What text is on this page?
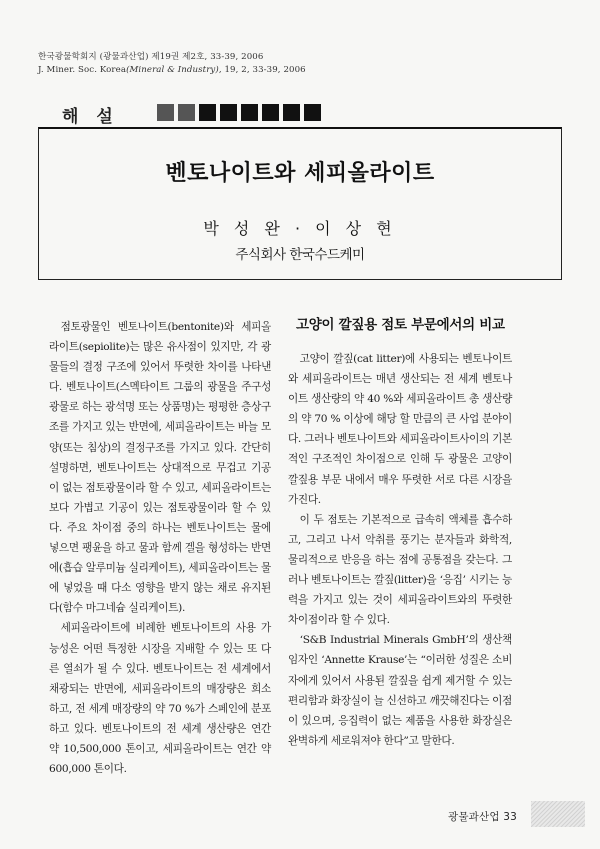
한국광물학회지 (광물과산업) 제19권 제2호, 33-39, 2006
J. Miner. Soc. Korea(Mineral & Industry), 19, 2, 33-39, 2006
해 설
벤토나이트와 세피올라이트
박 성 완 · 이 상 현
주식회사 한국수드케미

점토광물인 벤토나이트(bentonite)와 세피올라이트(sepiolite)는 많은 유사점이 있지만, 각 광물들의 결정 구조에 있어서 뚜렷한 차이를 나타낸다. 벤토나이트(스멕타이트 그룹의 광물을 주구성광물로 하는 광석명 또는 상품명)는 평평한 층상구조를 가지고 있는 반면에, 세피올라이트는 바늘 모양(또는 침상)의 결정구조를 가지고 있다. 간단히 설명하면, 벤토나이트는 상대적으로 무겁고 기공이 없는 점토광물이라 할 수 있고, 세피올라이트는 보다 가볍고 기공이 있는 점토광물이라 할 수 있다. 주요 차이점 중의 하나는 벤토나이트는 물에 넣으면 팽윤을 하고 물과 함께 겔을 형성하는 반면에(흡습 알루미늄 실리케이트), 세피올라이트는 물에 넣었을 때 다소 영향을 받지 않는 채로 유지된다(함수 마그네슘 실리케이트).

세피올라이트에 비례한 벤토나이트의 사용 가능성은 어떤 특정한 시장을 지배할 수 있는 또 다른 열쇠가 될 수 있다. 벤토나이트는 전 세계에서 채광되는 반면에, 세피올라이트의 매장량은 희소하고, 전 세계 매장량의 약 70 %가 스페인에 분포하고 있다. 벤토나이트의 전 세계 생산량은 연간 약 10,500,000 톤이고, 세피올라이트는 연간 약 600,000 톤이다.

고양이 깔짚용 점토 부문에서의 비교

고양이 깔짚(cat litter)에 사용되는 벤토나이트와 세피올라이트는 매년 생산되는 전 세계 벤토나이트 생산량의 약 40 %와 세피올라이트 총 생산량의 약 70 % 이상에 해당 할 만큼의 큰 사업 분야이다. 그러나 벤토나이트와 세피올라이트사이의 기본적인 구조적인 차이점으로 인해 두 광물은 고양이 깔짚용 부문 내에서 매우 뚜렷한 서로 다른 시장을 가진다.

이 두 점토는 기본적으로 급속히 액체를 흡수하고, 그리고 나서 악취를 풍기는 분자들과 화학적, 물리적으로 반응을 하는 점에 공통점을 갖는다. 그러나 벤토나이트는 깔짚(litter)을 ‘응집’ 시키는 능력을 가지고 있는 것이 세피올라이트와의 뚜렷한 차이점이라 할 수 있다.

‘S&B Industrial Minerals GmbH’의 생산책임자인 ‘Annette Krause’는 “이러한 성질은 소비자에게 있어서 사용된 깔짚을 쉽게 제거할 수 있는 편리함과 화장실이 늘 신선하고 깨끗해진다는 이점이 있으며, 응집력이 없는 제품을 사용한 화장실은 완벽하게 세로워져야 한다”고 말한다.

광물과산업 33
